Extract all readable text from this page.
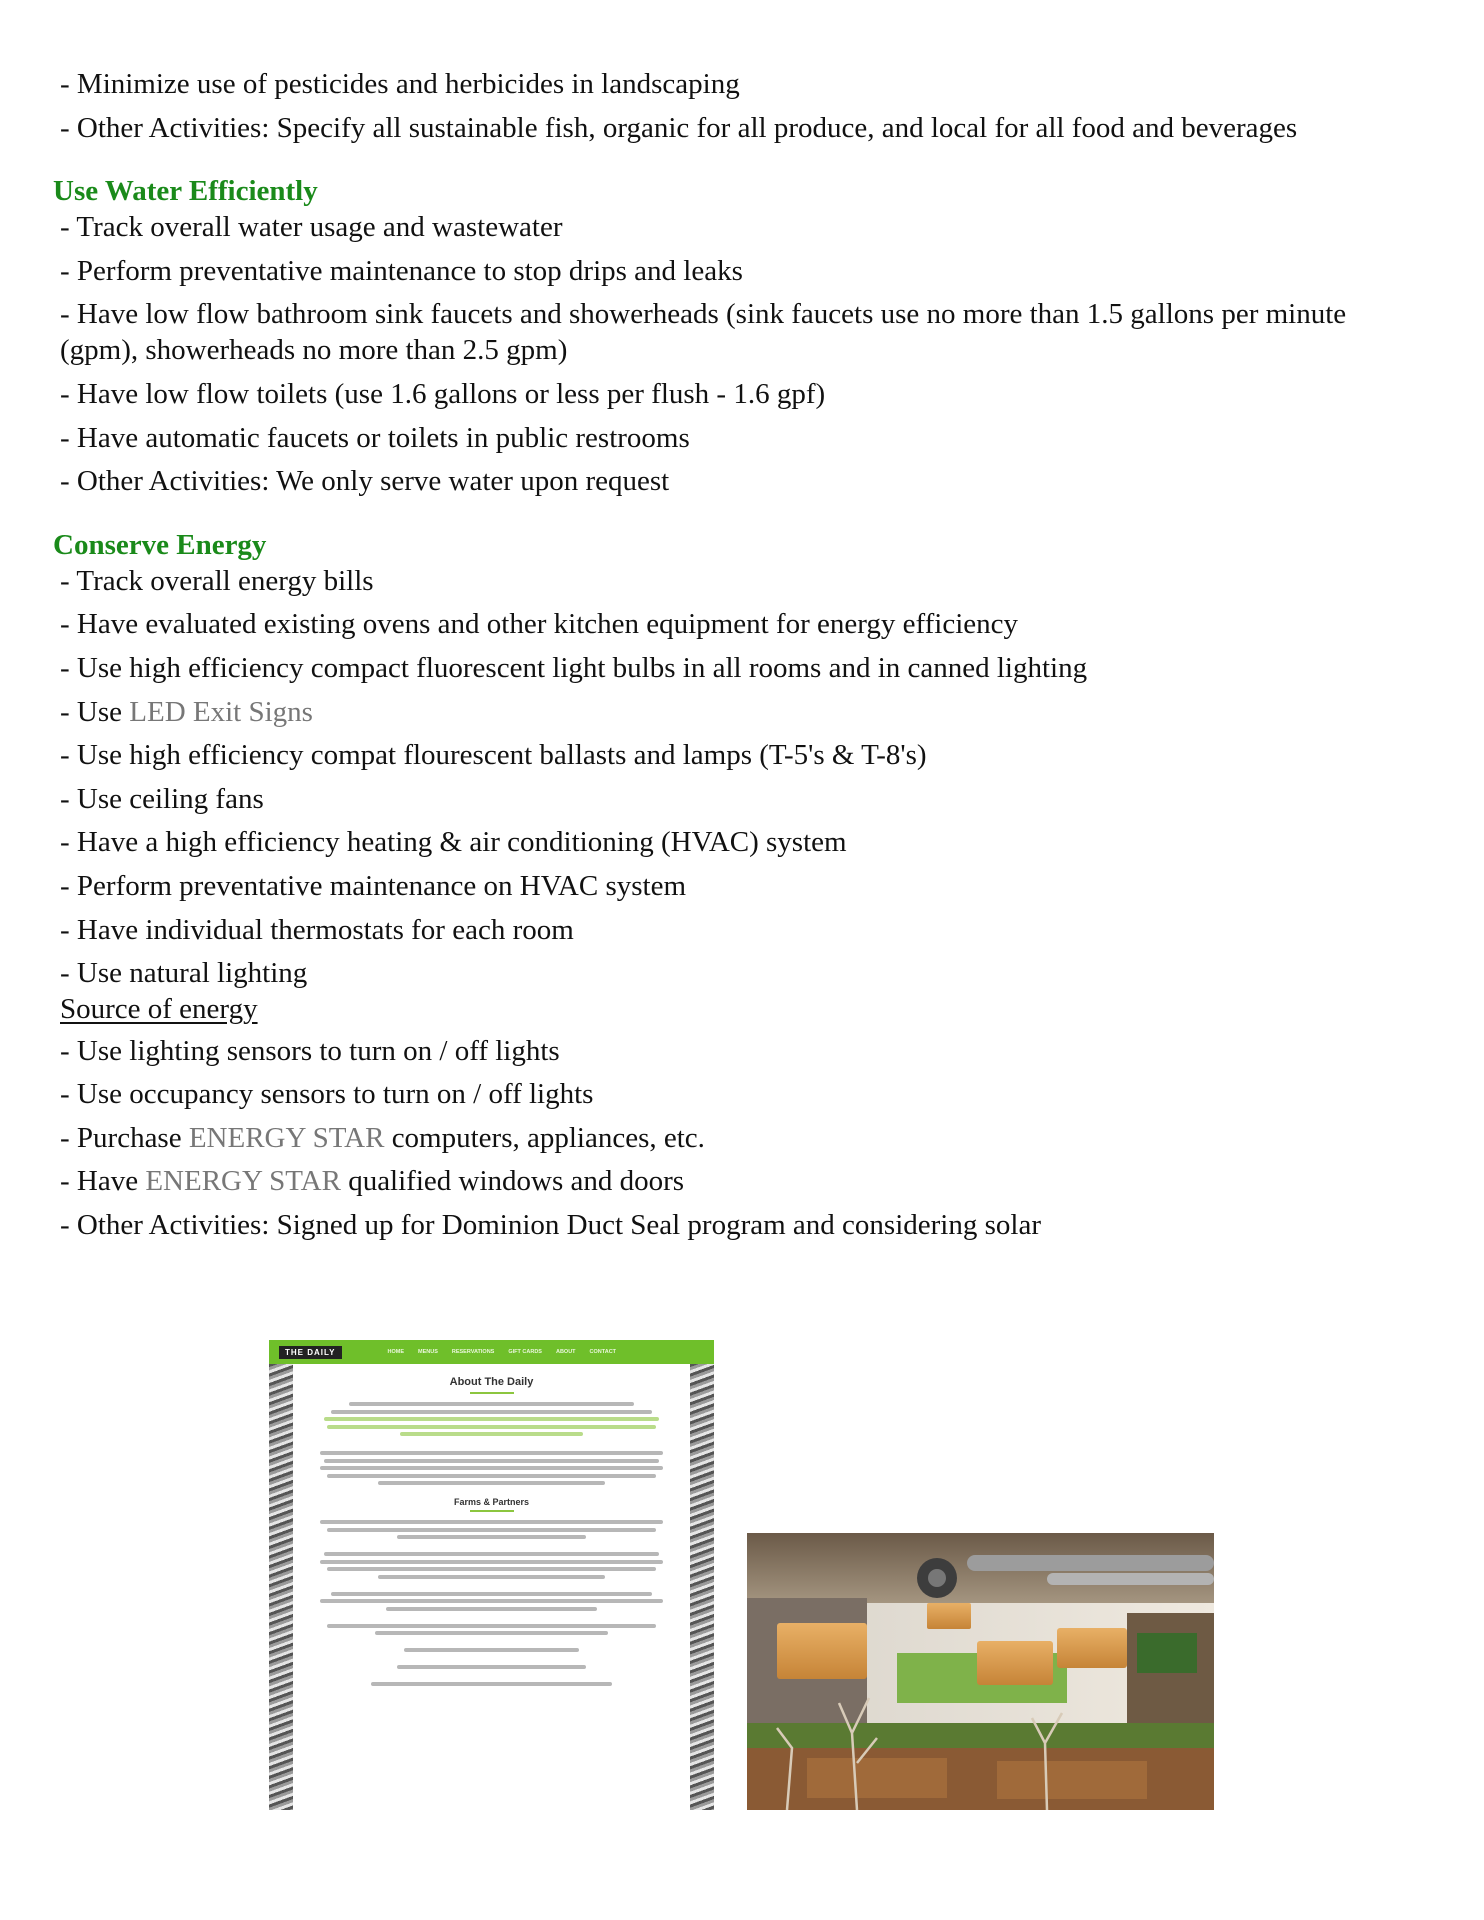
- Minimize use of pesticides and herbicides in landscaping
- Other Activities: Specify all sustainable fish, organic for all produce, and local for all food and beverages
Use Water Efficiently
- Track overall water usage and wastewater
- Perform preventative maintenance to stop drips and leaks
- Have low flow bathroom sink faucets and showerheads (sink faucets use no more than 1.5 gallons per minute (gpm), showerheads no more than 2.5 gpm)
- Have low flow toilets (use 1.6 gallons or less per flush - 1.6 gpf)
- Have automatic faucets or toilets in public restrooms
- Other Activities: We only serve water upon request
Conserve Energy
- Track overall energy bills
- Have evaluated existing ovens and other kitchen equipment for energy efficiency
- Use high efficiency compact fluorescent light bulbs in all rooms and in canned lighting
- Use LED Exit Signs
- Use high efficiency compat flourescent ballasts and lamps (T-5's & T-8's)
- Use ceiling fans
- Have a high efficiency heating & air conditioning (HVAC) system
- Perform preventative maintenance on HVAC system
- Have individual thermostats for each room
- Use natural lighting
Source of energy
- Use lighting sensors to turn on / off lights
- Use occupancy sensors to turn on / off lights
- Purchase ENERGY STAR computers, appliances, etc.
- Have ENERGY STAR qualified windows and doors
- Other Activities: Signed up for Dominion Duct Seal program and considering solar
THE DAILY	HOME	MENUS	RESERVATIONS	GIFT CARDS	ABOUT	CONTACT
About The Daily
Farms & Partners
